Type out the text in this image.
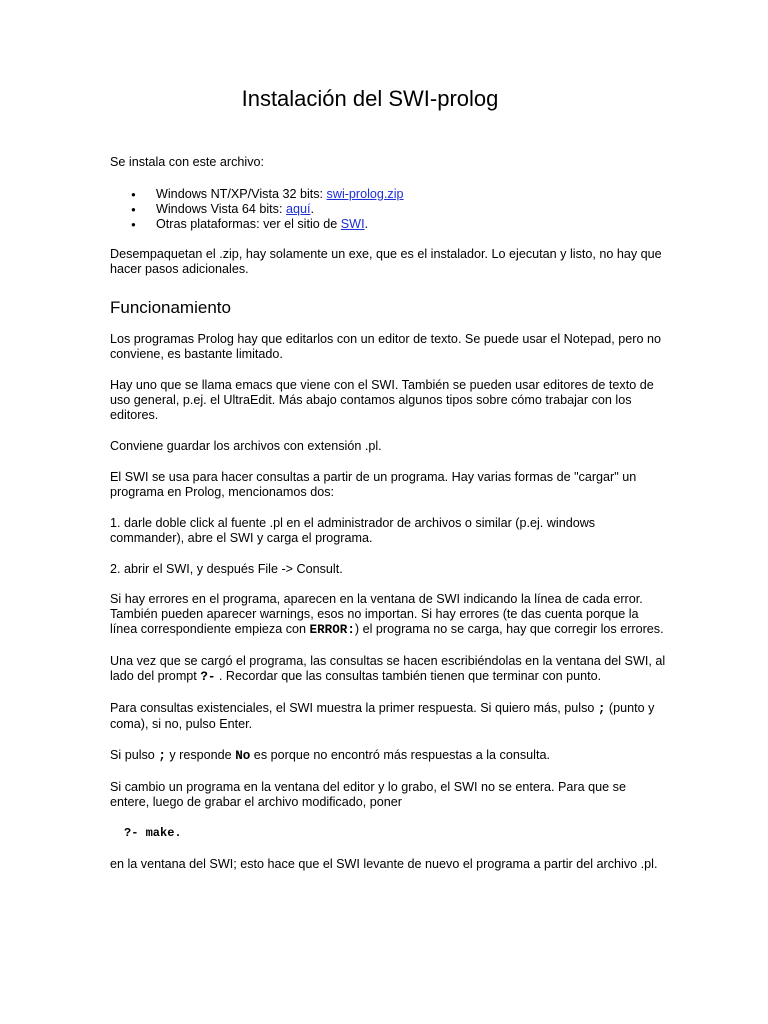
Instalación del SWI-prolog

Se instala con este archivo:

● Windows NT/XP/Vista 32 bits: swi-prolog.zip
● Windows Vista 64 bits: aquí.
● Otras plataformas: ver el sitio de SWI.

Desempaquetan el .zip, hay solamente un exe, que es el instalador. Lo ejecutan y listo, no hay que hacer pasos adicionales.

Funcionamiento

Los programas Prolog hay que editarlos con un editor de texto. Se puede usar el Notepad, pero no conviene, es bastante limitado.

Hay uno que se llama emacs que viene con el SWI. También se pueden usar editores de texto de uso general, p.ej. el UltraEdit. Más abajo contamos algunos tipos sobre cómo trabajar con los editores.

Conviene guardar los archivos con extensión .pl.

El SWI se usa para hacer consultas a partir de un programa. Hay varias formas de "cargar" un programa en Prolog, mencionamos dos:

1. darle doble click al fuente .pl en el administrador de archivos o similar (p.ej. windows commander), abre el SWI y carga el programa.

2. abrir el SWI, y después File -> Consult.

Si hay errores en el programa, aparecen en la ventana de SWI indicando la línea de cada error. También pueden aparecer warnings, esos no importan. Si hay errores (te das cuenta porque la línea correspondiente empieza con ERROR:) el programa no se carga, hay que corregir los errores.

Una vez que se cargó el programa, las consultas se hacen escribiéndolas en la ventana del SWI, al lado del prompt ?- . Recordar que las consultas también tienen que terminar con punto.

Para consultas existenciales, el SWI muestra la primer respuesta. Si quiero más, pulso ; (punto y coma), si no, pulso Enter.

Si pulso ; y responde No es porque no encontró más respuestas a la consulta.

Si cambio un programa en la ventana del editor y lo grabo, el SWI no se entera. Para que se entere, luego de grabar el archivo modificado, poner

?- make.

en la ventana del SWI; esto hace que el SWI levante de nuevo el programa a partir del archivo .pl.
